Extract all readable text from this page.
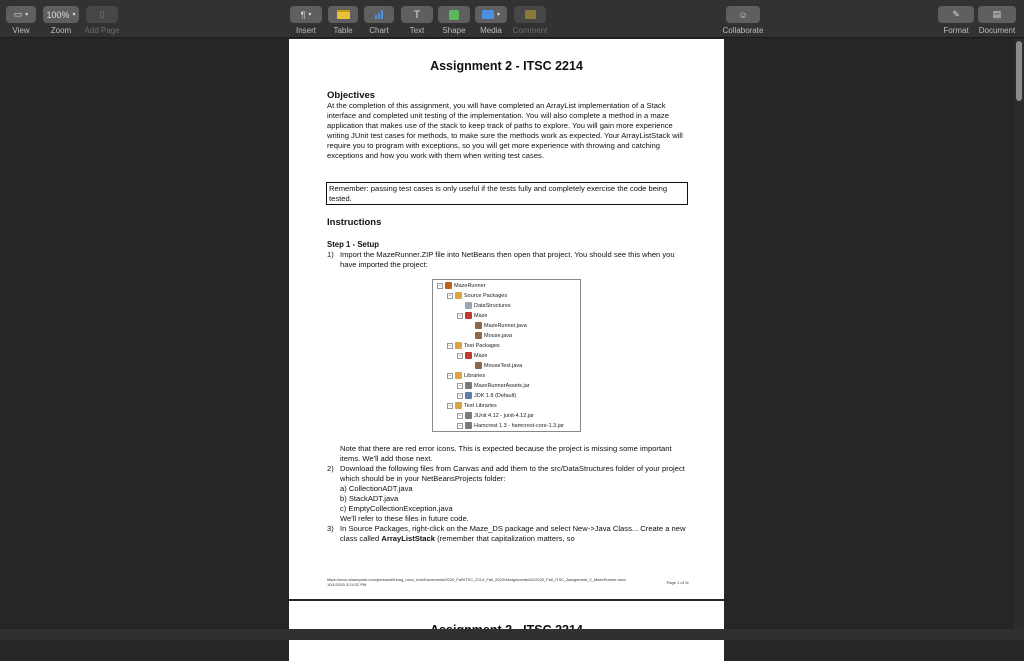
▭ ▾
View
100% ▾
Zoom
▯
Add Page
¶ ▾
Insert Table Chart
T
Text Shape
▾
Media Comment
☺
Collaborate
✎
Format
▤
Document
Assignment 2 - ITSC 2214
Objectives
At the completion of this assignment, you will have completed an ArrayList implementation of a Stack interface and completed unit testing of the implementation. You will also complete a method in a maze application that makes use of the stack to keep track of paths to explore. You will gain more experience writing JUnit test cases for methods, to make sure the methods work as expected. Your ArrayListStack will require you to program with exceptions, so you will get more experience with throwing and catching exceptions and how you work with them when writing test cases.
Remember: passing test cases is only useful if the tests fully and completely exercise the code being tested.
Instructions
Step 1 - Setup
1) Import the MazeRunner.ZIP file into NetBeans then open that project. You should see this when you have imported the project:
− MazeRunner
− Source Packages
DataStructures
− Maze
MazeRunner.java
Mouse.java
− Test Packages
− Maze
MouseTest.java
− Libraries
− MazeRunnerAssets.jar
− JDK 1.8 (Default)
− Test Libraries
− JUnit 4.12 - junit-4.12.jar
− Hamcrest 1.3 - hamcrest-core-1.3.jar
Note that there are red error icons. This is expected because the project is missing some important items. We'll add those next.
2) Download the following files from Canvas and add them to the src/DataStructures folder of your project which should be in your NetBeansProjects folder:
a) CollectionADT.java
b) StackADT.java
c) EmptyCollectionException.java
We'll refer to these files in future code.
3) In Source Packages, right-click on the Maze_DS package and select New->Java Class... Create a new class called ArrayListStack (remember that capitalization matters, so
https://uncc.sharepoint.com/personal/irlong_uncc_edu/Documents/2020_Fall/ITSC_2214_Fall_2020/Assignments/A2/2020_Fall_ITSC_Assignment_2_MazeRunner.docx
10/1/2020 3:24:32 PM	Page 1 of 11
